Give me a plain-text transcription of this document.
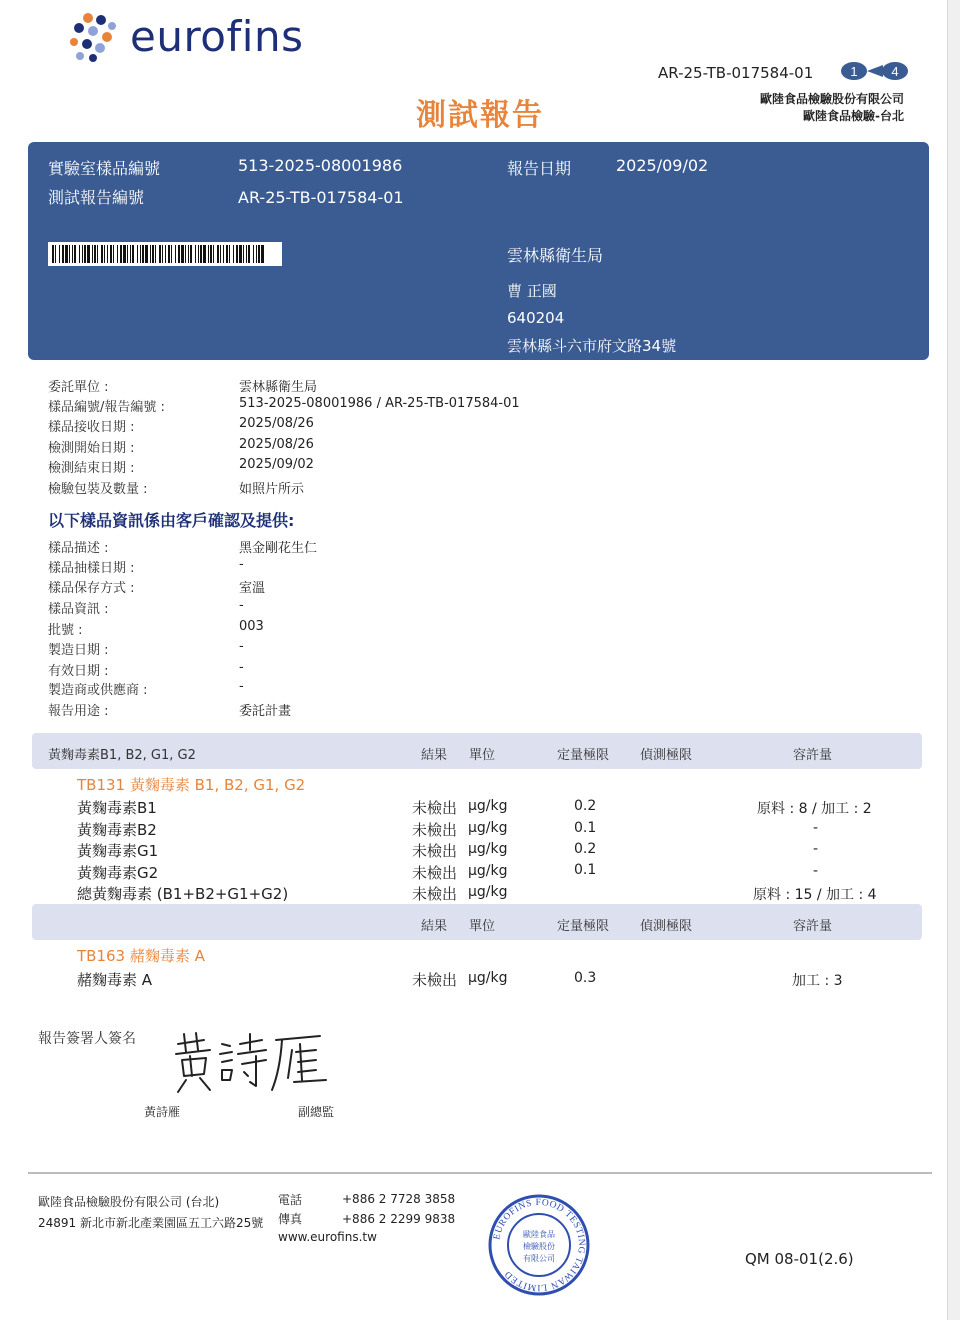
eurofins
AR-25-TB-017584-01	1	4
歐陸食品檢驗股份有限公司
歐陸食品檢驗-台北
測試報告
實驗室樣品編號	513-2025-08001986	報告日期	2025/09/02
測試報告編號	AR-25-TB-017584-01
雲林縣衛生局
曹 正國
640204
雲林縣斗六市府文路34號
委託單位 :	雲林縣衛生局
樣品編號/報告編號 :	513-2025-08001986 / AR-25-TB-017584-01
樣品接收日期 :	2025/08/26
檢測開始日期 :	2025/08/26
檢測結束日期 :	2025/09/02
檢驗包裝及數量 :	如照片所示
以下樣品資訊係由客戶確認及提供:
樣品描述 :	黑金剛花生仁
樣品抽樣日期 :	-
樣品保存方式 :	室溫
樣品資訊 :	-
批號 :	003
製造日期 :	-
有效日期 :	-
製造商或供應商 :	-
報告用途 :	委託計畫
黃麴毒素B1, B2, G1, G2	結果 單位	定量極限 偵測極限	容許量
TB131 黃麴毒素 B1, B2, G1, G2
黃麴毒素B1	未檢出 µg/kg	0.2	原料 : 8 / 加工 : 2
黃麴毒素B2	未檢出 µg/kg	0.1	-
黃麴毒素G1	未檢出 µg/kg	0.2	-
黃麴毒素G2	未檢出 µg/kg	0.1	-
總黃麴毒素 (B1+B2+G1+G2)	未檢出 µg/kg	原料 : 15 / 加工 : 4
結果 單位	定量極限 偵測極限	容許量
TB163 赭麴毒素 A
赭麴毒素 A	未檢出 µg/kg	0.3	加工 : 3
報告簽署人簽名
黃詩雁	副總監
歐陸食品檢驗股份有限公司 (台北)
24891 新北市新北產業園區五工六路25號
電話	+886 2 7728 3858
傳真	+886 2 2299 9838
www.eurofins.tw	EUROFINS FOOD TESTING TAIWAN LIMITED
歐陸食品
檢驗股份
有限公司	QM 08-01(2.6)
